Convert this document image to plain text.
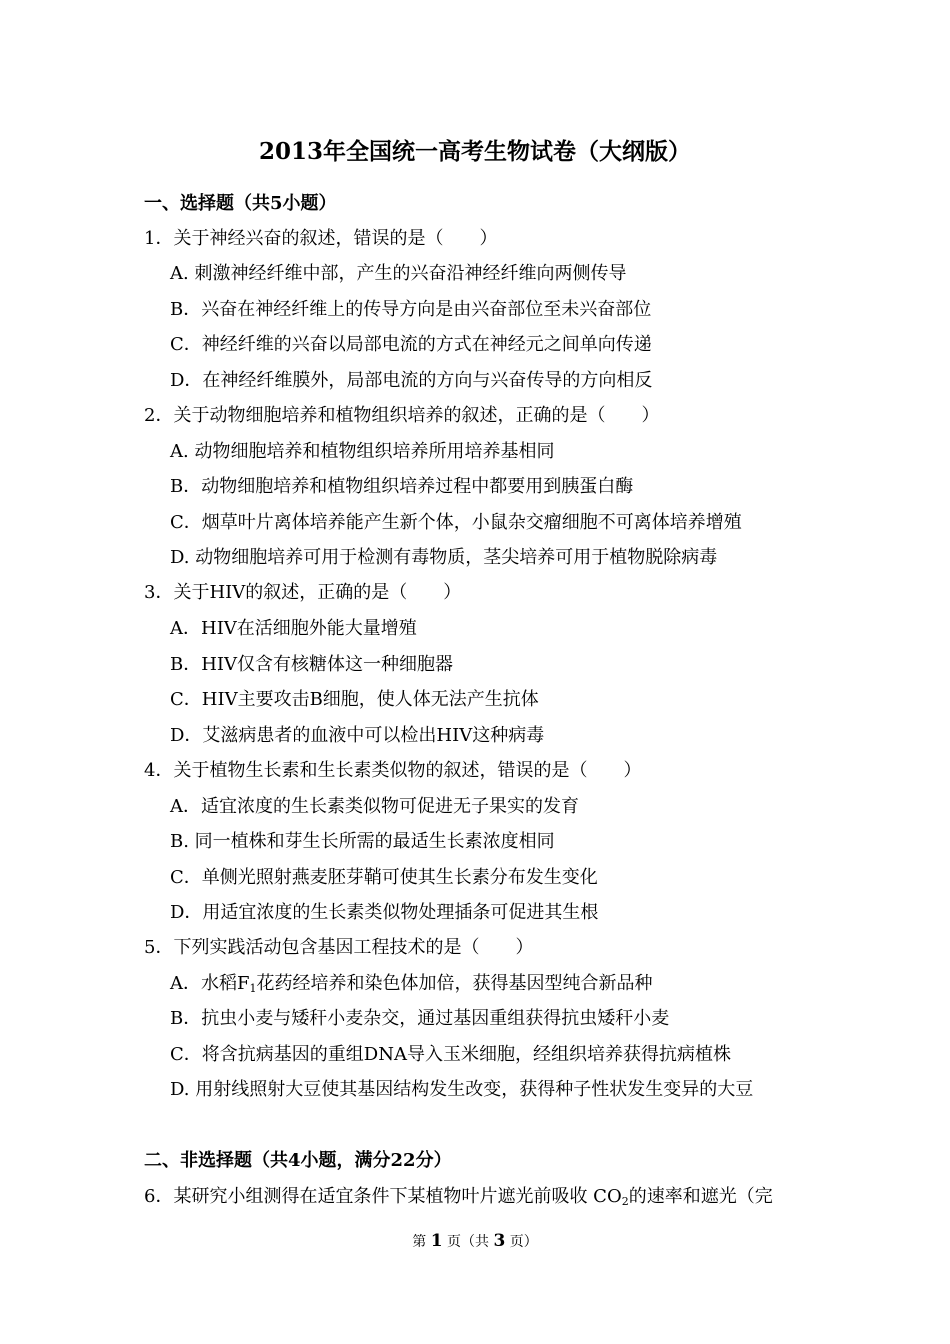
2013年全国统一高考生物试卷（大纲版）
一、选择题（共5小题）
1．关于神经兴奋的叙述，错误的是（　　）
A. 刺激神经纤维中部，产生的兴奋沿神经纤维向两侧传导
B．兴奋在神经纤维上的传导方向是由兴奋部位至未兴奋部位
C．神经纤维的兴奋以局部电流的方式在神经元之间单向传递
D．在神经纤维膜外，局部电流的方向与兴奋传导的方向相反
2．关于动物细胞培养和植物组织培养的叙述，正确的是（　　）
A. 动物细胞培养和植物组织培养所用培养基相同
B．动物细胞培养和植物组织培养过程中都要用到胰蛋白酶
C．烟草叶片离体培养能产生新个体，小鼠杂交瘤细胞不可离体培养增殖
D. 动物细胞培养可用于检测有毒物质，茎尖培养可用于植物脱除病毒
3．关于HIV的叙述，正确的是（　　）
A．HIV在活细胞外能大量增殖
B．HIV仅含有核糖体这一种细胞器
C．HIV主要攻击B细胞，使人体无法产生抗体
D．艾滋病患者的血液中可以检出HIV这种病毒
4．关于植物生长素和生长素类似物的叙述，错误的是（　　）
A．适宜浓度的生长素类似物可促进无子果实的发育
B. 同一植株和芽生长所需的最适生长素浓度相同
C．单侧光照射燕麦胚芽鞘可使其生长素分布发生变化
D．用适宜浓度的生长素类似物处理插条可促进其生根
5．下列实践活动包含基因工程技术的是（　　）
A．水稻$F_1$花药经培养和染色体加倍，获得基因型纯合新品种
B．抗虫小麦与矮秆小麦杂交，通过基因重组获得抗虫矮秆小麦
C．将含抗病基因的重组DNA导入玉米细胞，经组织培养获得抗病植株
D. 用射线照射大豆使其基因结构发生改变，获得种子性状发生变异的大豆
二、非选择题（共4小题，满分22分）
6．某研究小组测得在适宜条件下某植物叶片遮光前吸收 $CO_2$的速率和遮光（完
第 1 页（共 3 页）
